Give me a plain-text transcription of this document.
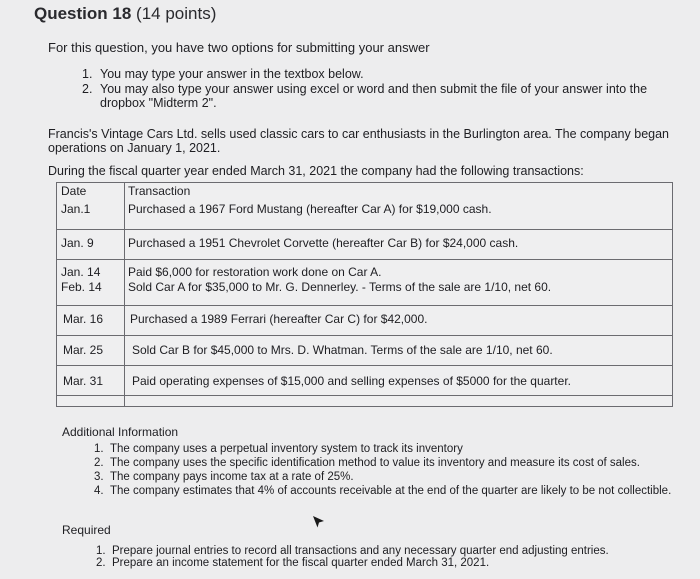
Question 18 (14 points)
For this question, you have two options for submitting your answer
1. You may type your answer in the textbox below.
2. You may also type your answer using excel or word and then submit the file of your answer into the dropbox "Midterm 2".
Francis's Vintage Cars Ltd. sells used classic cars to car enthusiasts in the Burlington area. The company began operations on January 1, 2021.
During the fiscal quarter year ended March 31, 2021 the company had the following transactions:
Date	Transaction
Jan.1	Purchased a 1967 Ford Mustang (hereafter Car A) for $19,000 cash.
Jan. 9	Purchased a 1951 Chevrolet Corvette (hereafter Car B) for $24,000 cash.
Jan. 14 Paid $6,000 for restoration work done on Car A.
Feb. 14 Sold Car A for $35,000 to Mr. G. Dennerley. - Terms of the sale are 1/10, net 60.
Mar. 16 Purchased a 1989 Ferrari (hereafter Car C) for $42,000.
Mar. 25 Sold Car B for $45,000 to Mrs. D. Whatman. Terms of the sale are 1/10, net 60.
Mar. 31 Paid operating expenses of $15,000 and selling expenses of $5000 for the quarter.
Additional Information
1. The company uses a perpetual inventory system to track its inventory
2. The company uses the specific identification method to value its inventory and measure its cost of sales.
3. The company pays income tax at a rate of 25%.
4. The company estimates that 4% of accounts receivable at the end of the quarter are likely to be not collectible.
Required
1. Prepare journal entries to record all transactions and any necessary quarter end adjusting entries.
2. Prepare an income statement for the fiscal quarter ended March 31, 2021.
